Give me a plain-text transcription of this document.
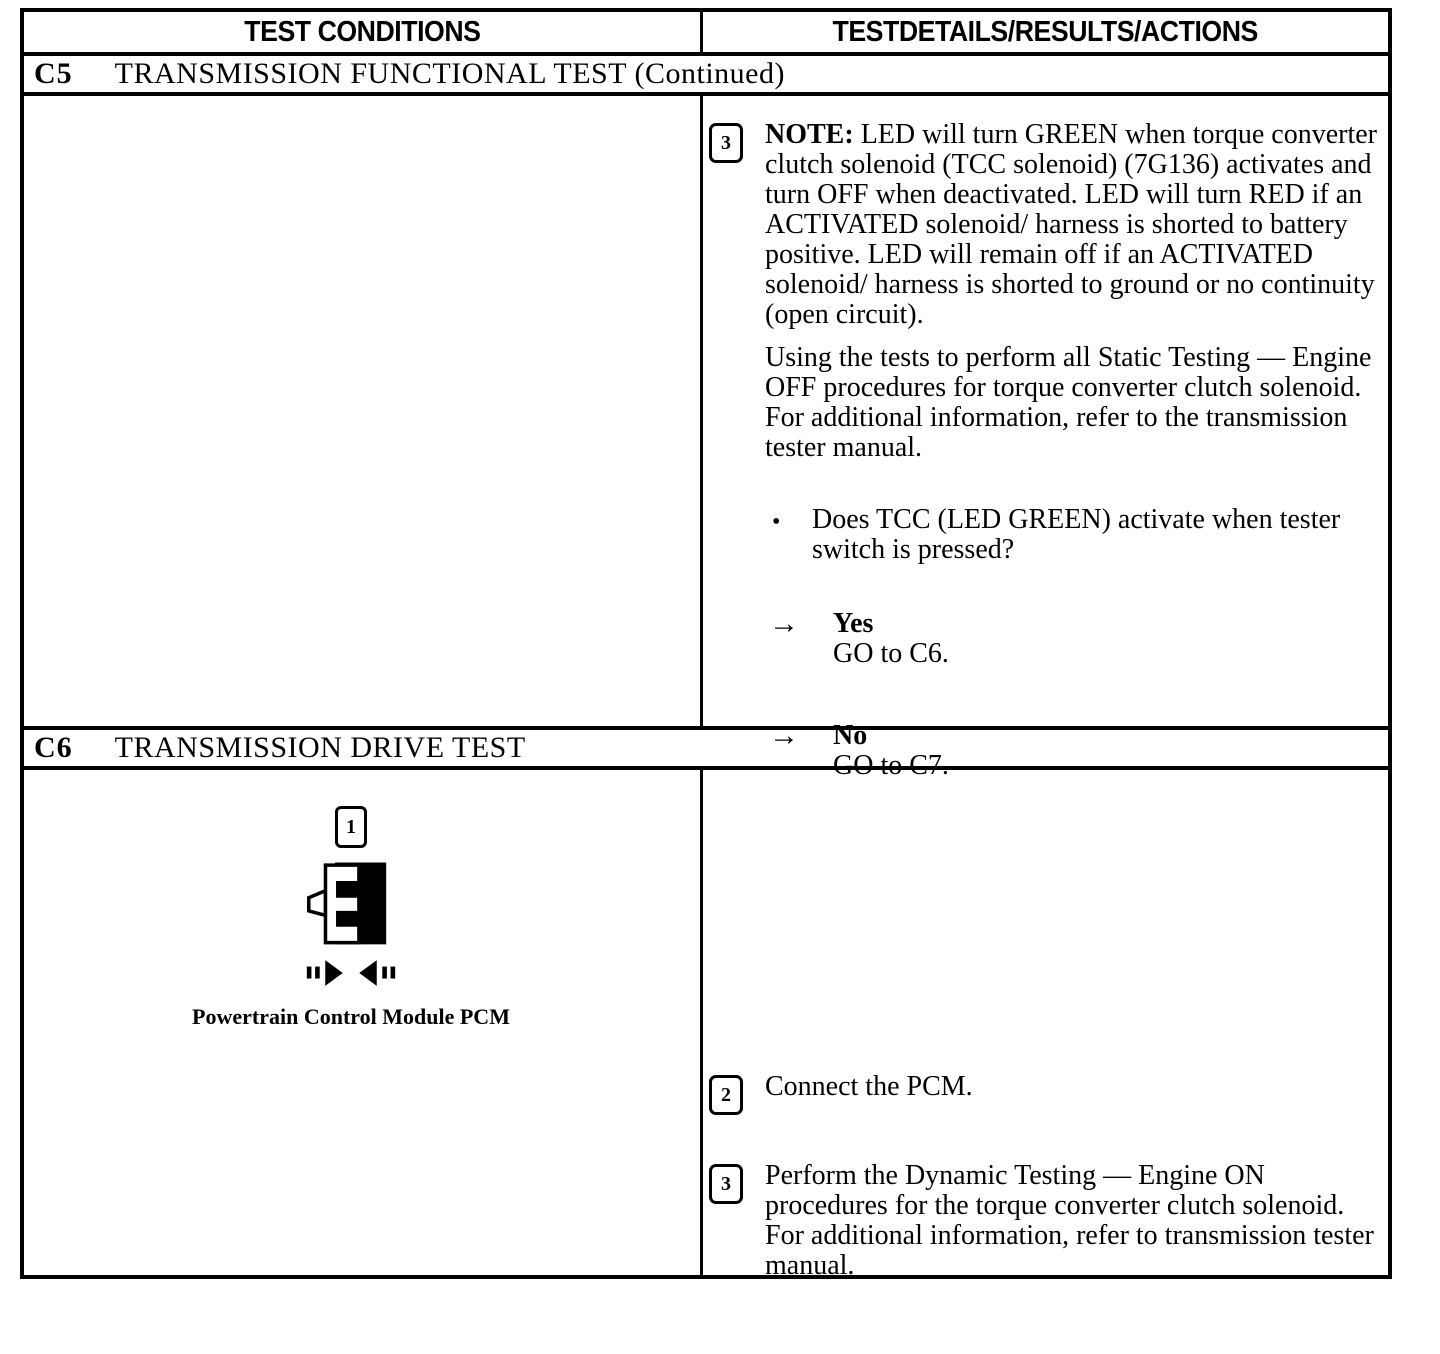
TEST CONDITIONS	TESTDETAILS/RESULTS/ACTIONS
C5 TRANSMISSION FUNCTIONAL TEST (Continued)
3 NOTE: LED will turn GREEN when torque converter clutch solenoid (TCC solenoid) (7G136) activates and turn OFF when deactivated. LED will turn RED if an ACTIVATED solenoid/ harness is shorted to battery positive. LED will remain off if an ACTIVATED solenoid/ harness is shorted to ground or no continuity (open circuit).

Using the tests to perform all Static Testing — Engine OFF procedures for torque converter clutch solenoid. For additional information, refer to the transmission tester manual.

•	Does TCC (LED GREEN) activate when tester switch is pressed?
→	Yes
GO to C6.
→	No
GO to C7.
C6 TRANSMISSION DRIVE TEST
1
Powertrain Control Module PCM
2 Connect the PCM.
3 Perform the Dynamic Testing — Engine ON procedures for the torque converter clutch solenoid. For additional information, refer to transmission tester manual.
